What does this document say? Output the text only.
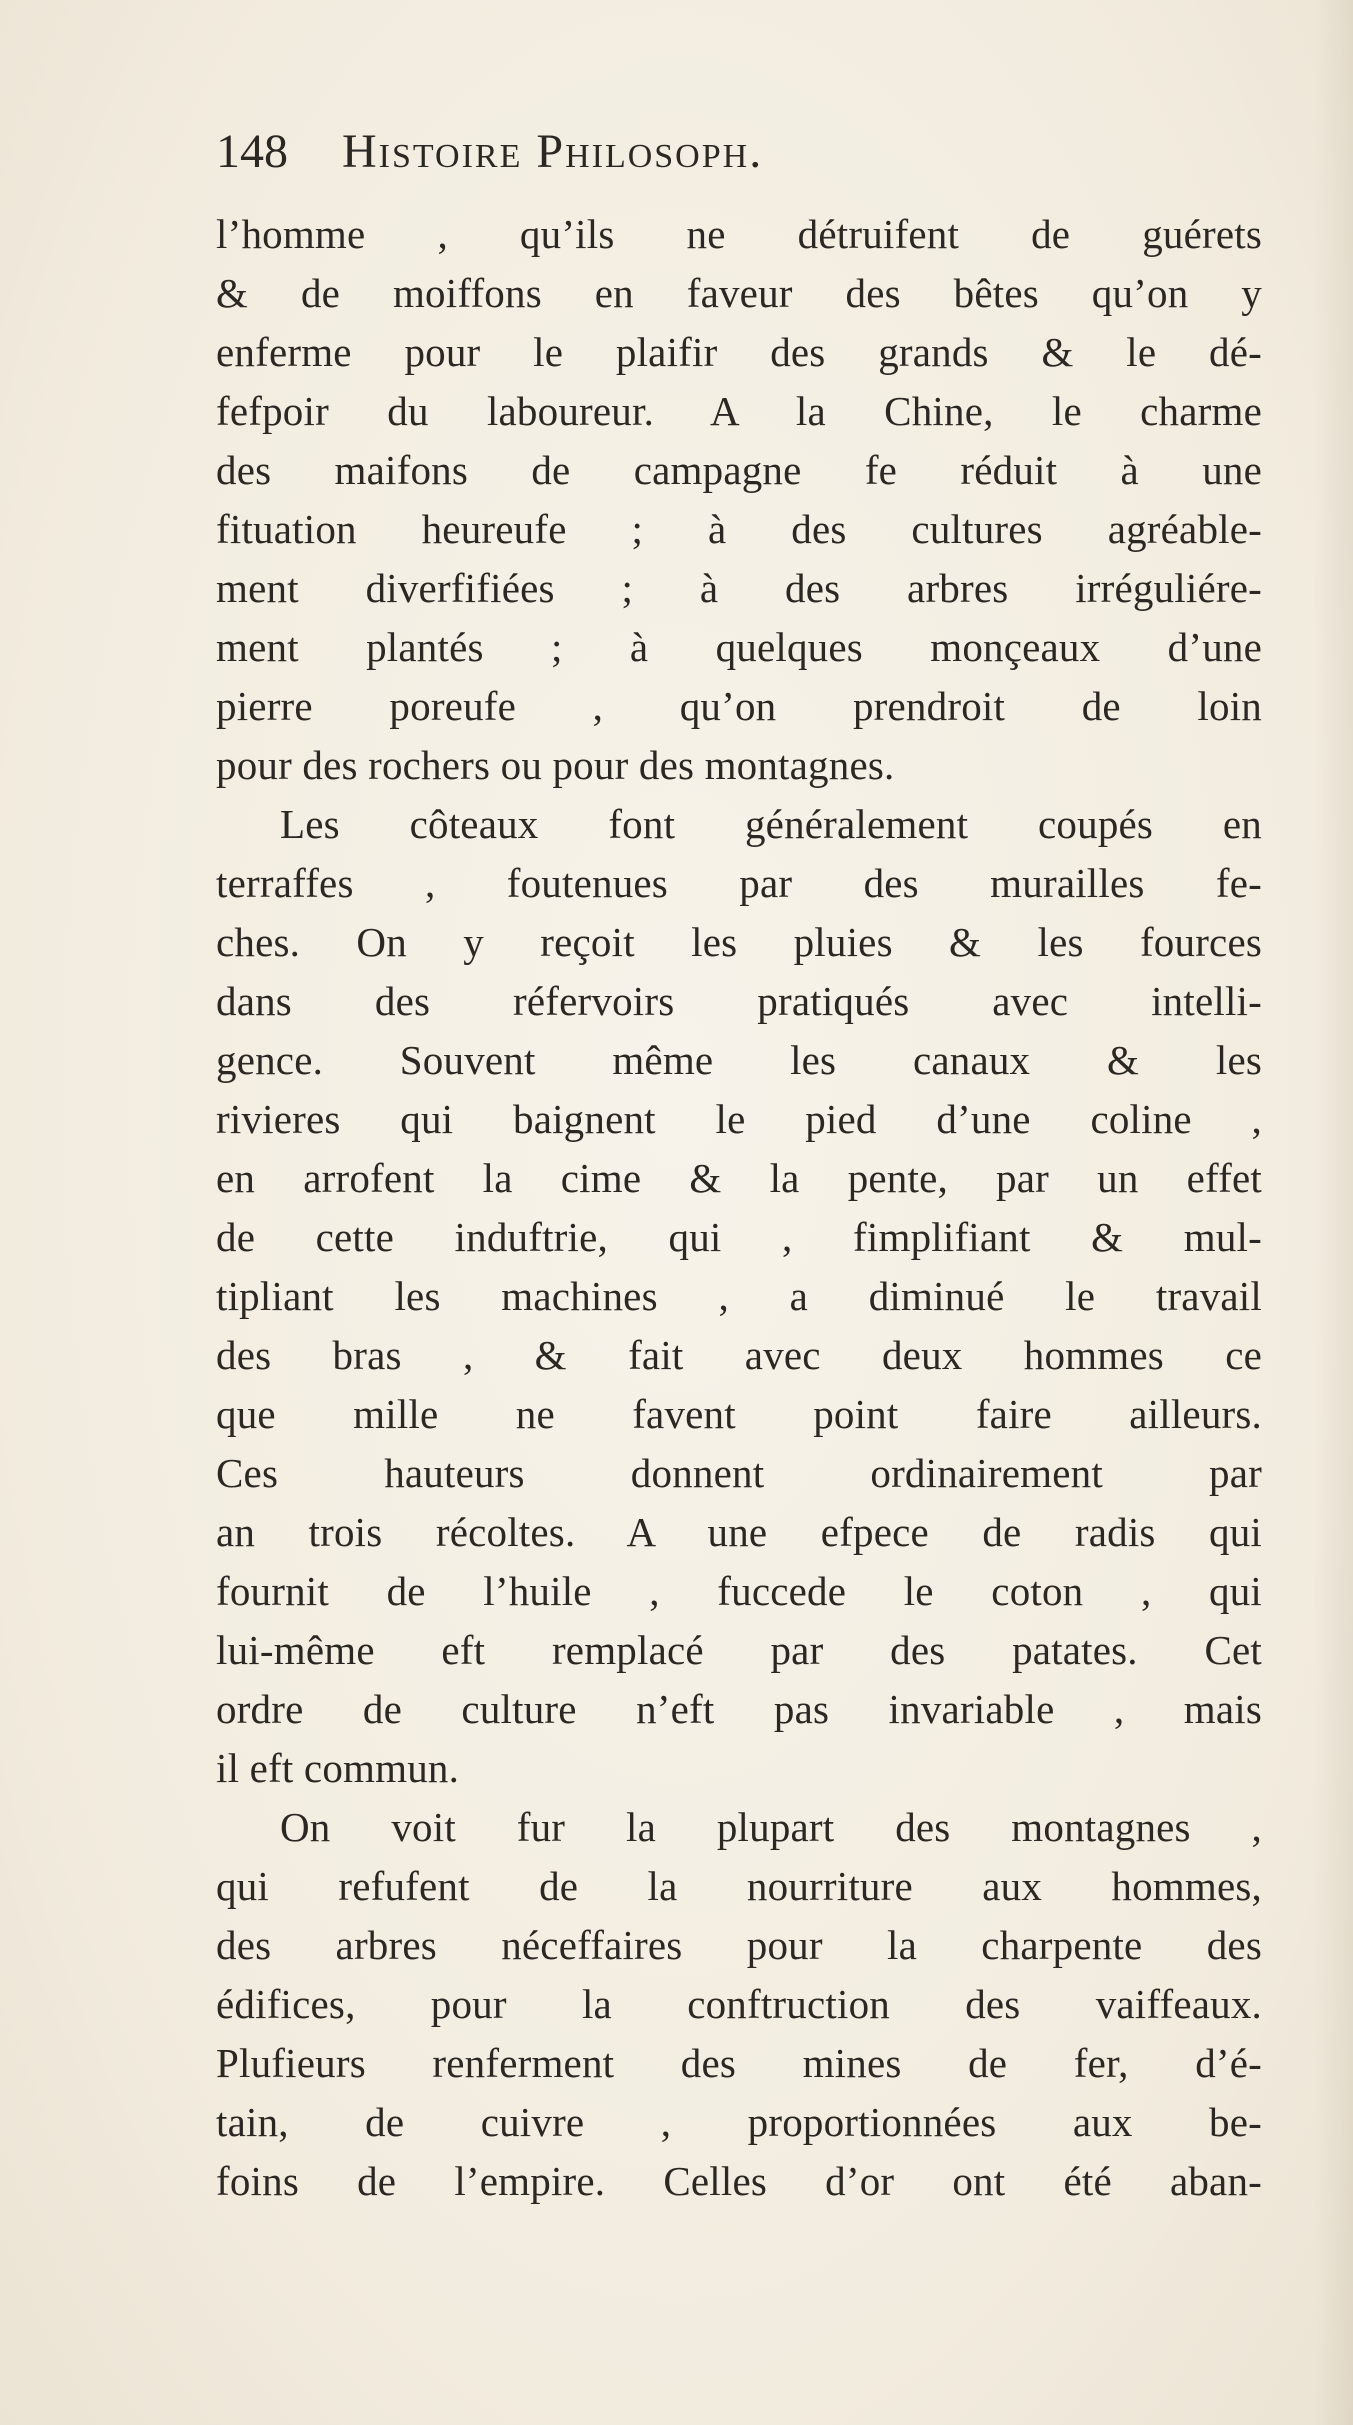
148 Histoire Philosoph.

l’homme , qu’ils ne détruifent de guérets
& de moiffons en faveur des bêtes qu’on y
enferme pour le plaifir des grands & le dé-
fefpoir du laboureur. A la Chine, le charme
des maifons de campagne fe réduit à une
fituation heureufe ; à des cultures agréable-
ment diverfifiées ; à des arbres irréguliére-
ment plantés ; à quelques monçeaux d’une
pierre poreufe , qu’on prendroit de loin
pour des rochers ou pour des montagnes.

Les côteaux font généralement coupés en
terraffes , foutenues par des murailles fe-
ches. On y reçoit les pluies & les fources
dans des réfervoirs pratiqués avec intelli-
gence. Souvent même les canaux & les
rivieres qui baignent le pied d’une coline ,
en arrofent la cime & la pente, par un effet
de cette induftrie, qui , fimplifiant & mul-
tipliant les machines , a diminué le travail
des bras , & fait avec deux hommes ce
que mille ne favent point faire ailleurs.
Ces hauteurs donnent ordinairement par
an trois récoltes. A une efpece de radis qui
fournit de l’huile , fuccede le coton , qui
lui-même eft remplacé par des patates. Cet
ordre de culture n’eft pas invariable , mais
il eft commun.

On voit fur la plupart des montagnes ,
qui refufent de la nourriture aux hommes,
des arbres néceffaires pour la charpente des
édifices, pour la conftruction des vaiffeaux.
Plufieurs renferment des mines de fer, d’é-
tain, de cuivre , proportionnées aux be-
foins de l’empire. Celles d’or ont été aban-
